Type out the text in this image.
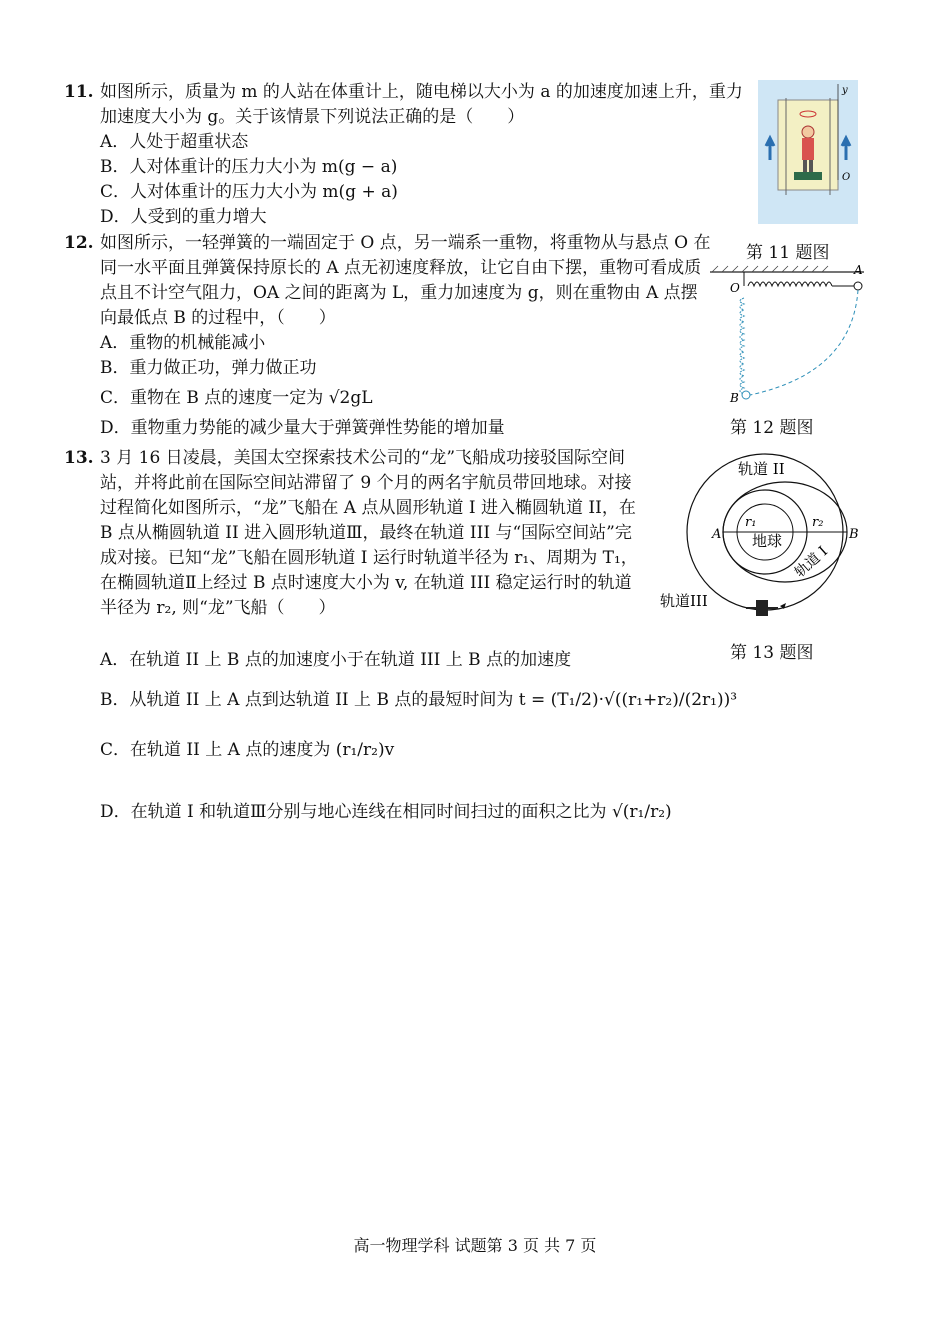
11. 如图所示，质量为 m 的人站在体重计上，随电梯以大小为 a 的加速度加速上升，重力加速度大小为 g。关于该情景下列说法正确的是（　　）
A．人处于超重状态
B．人对体重计的压力大小为 m(g − a)
C．人对体重计的压力大小为 m(g + a)
D．人受到的重力增大
y
O
第 11 题图
12. 如图所示，一轻弹簧的一端固定于 O 点，另一端系一重物，将重物从与悬点 O 在同一水平面且弹簧保持原长的 A 点无初速度释放，让它自由下摆，重物可看成质点且不计空气阻力，OA 之间的距离为 L，重力加速度为 g，则在重物由 A 点摆向最低点 B 的过程中，（　　）
A．重物的机械能减小
B．重力做正功，弹力做正功
C．重物在 B 点的速度一定为 √2gL
D．重物重力势能的减少量大于弹簧弹性势能的增加量
O
A
B
第 12 题图
13. 3 月 16 日凌晨，美国太空探索技术公司的“龙”飞船成功接驳国际空间站，并将此前在国际空间站滞留了 9 个月的两名宇航员带回地球。对接过程简化如图所示，“龙”飞船在 A 点从圆形轨道 I 进入椭圆轨道 II，在 B 点从椭圆轨道 II 进入圆形轨道Ⅲ，最终在轨道 III 与“国际空间站”完成对接。已知“龙”飞船在圆形轨道 I 运行时轨道半径为 r₁、周期为 T₁，在椭圆轨道Ⅱ上经过 B 点时速度大小为 v, 在轨道 III 稳定运行时的轨道半径为 r₂, 则“龙”飞船（　　）
A．在轨道 II 上 B 点的加速度小于在轨道 III 上 B 点的加速度
B．从轨道 II 上 A 点到达轨道 II 上 B 点的最短时间为 t = (T₁/2)·√((r₁+r₂)/(2r₁))³
C．在轨道 II 上 A 点的速度为 (r₁/r₂)v
D．在轨道 I 和轨道Ⅲ分别与地心连线在相同时间扫过的面积之比为 √(r₁/r₂)
轨道 II
轨道 I
轨道III
地球
A	B
r₁	r₂
第 13 题图
高一物理学科 试题第 3 页 共 7 页
